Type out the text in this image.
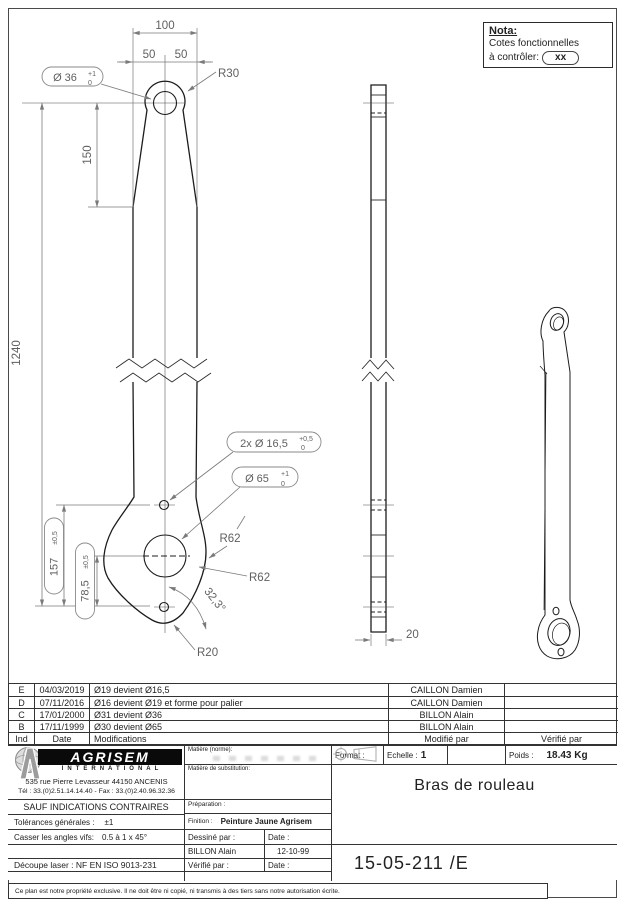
100
50 50
150
1240
157
±0,5
78,5
±0,5
Ø 36 +1
0
R30
2x Ø 16,5 +0,5
0
Ø 65 +1
0
R62
R62
32,3°
R20
20
Nota:
Cotes fonctionnelles
à contrôler:	xx
E	04/03/2019	Ø19 devient Ø16,5	CAILLON Damien
D	07/11/2016	Ø16 devient Ø19 et forme pour palier	CAILLON Damien
C	17/01/2000	Ø31 devient Ø36	BILLON Alain
B	17/11/1999	Ø30 devient Ø65	BILLON Alain
Ind	Date	Modifications	Modifié par	Vérifié par
AGRISEM
INTERNATIONAL
535 rue Pierre Levasseur 44150 ANCENIS
Tél : 33.(0)2.51.14.14.40 - Fax : 33.(0)2.40.96.32.36
SAUF INDICATIONS CONTRAIRES
Tolérances générales : ±1
Casser les angles vifs: 0.5 à 1 x 45°
Découpe laser : NF EN ISO 9013-231
Matière (norme):
Matière de substitution:
Préparation :
Finition : Peinture Jaune Agrisem
Dessiné par :	Date :
BILLON Alain	12-10-99
Vérifié par :	Date :
Format :	Echelle : 1	Poids : 18.43 Kg
Bras de rouleau
15-05-211 /E
Ce plan est notre propriété exclusive. Il ne doit être ni copié, ni transmis à des tiers sans notre autorisation écrite.
